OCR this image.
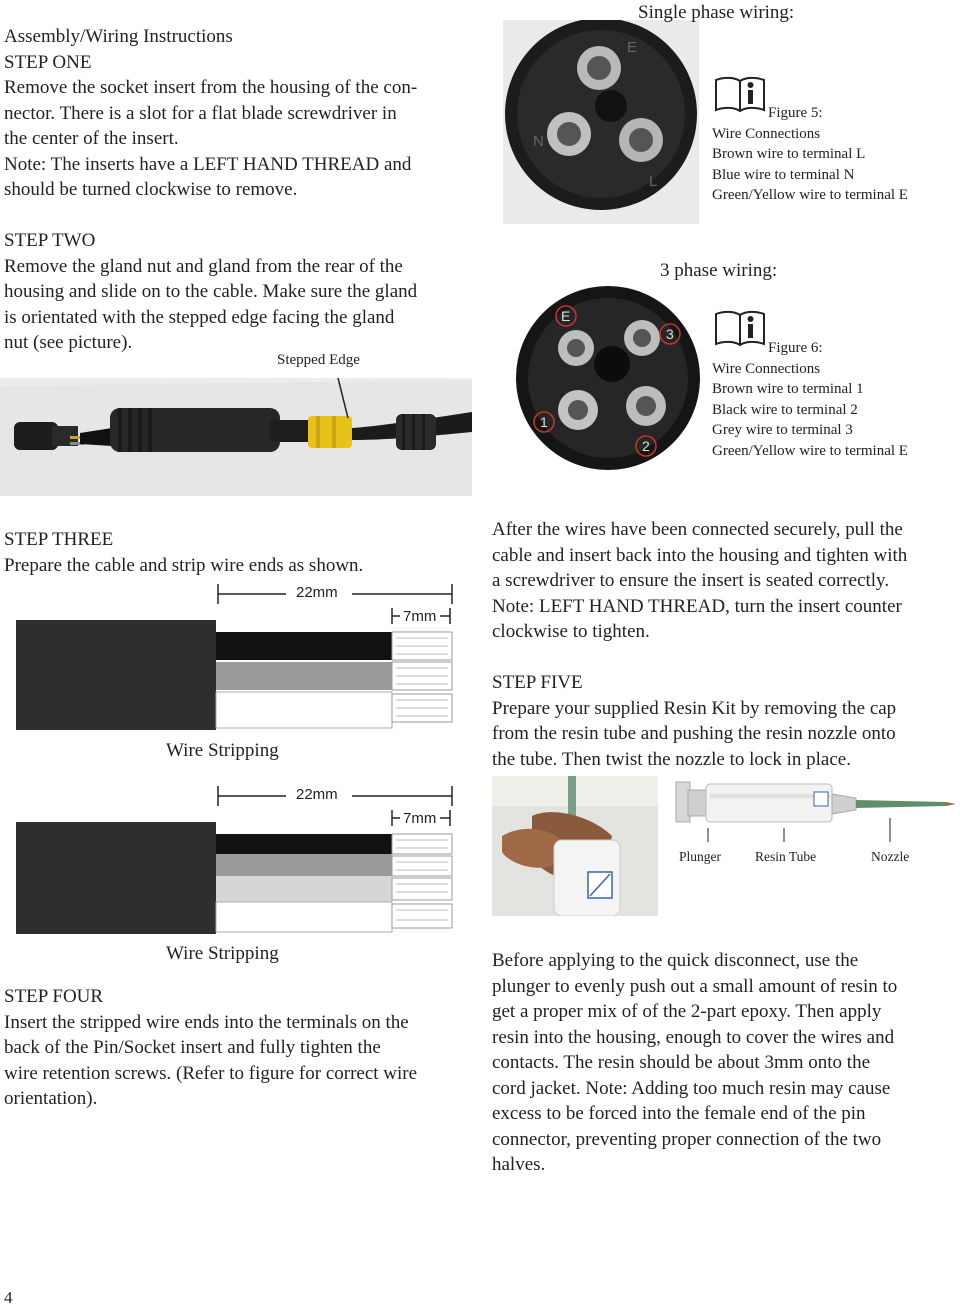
Assembly/Wiring Instructions

STEP ONE

Remove the socket insert from the housing of the con-

nector. There is a slot for a flat blade screwdriver in

the center of the insert.

Note: The inserts have a LEFT HAND THREAD and

should be turned clockwise to remove.

STEP TWO

Remove the gland nut and gland from the rear of the

housing and slide on to the cable. Make sure the gland

is orientated with the stepped edge facing the gland

nut (see picture).

Stepped Edge
E
N
L
Single phase wiring:
Figure 5:
Wire Connections
Brown wire to terminal L
Blue wire to terminal N
Green/Yellow wire to terminal E
3 phase wiring:
E
3
1
2
Figure 6:
Wire Connections
Brown wire to terminal 1
Black wire to terminal 2
Grey wire to terminal 3
Green/Yellow wire to terminal E

STEP THREE

Prepare the cable and strip wire ends as shown.

22mm
7mm
Wire Stripping
22mm
7mm
Wire Stripping

STEP FOUR

Insert the stripped wire ends into the terminals on the

back of the Pin/Socket insert and fully tighten the

wire retention screws. (Refer to figure for correct wire

orientation).

After the wires have been connected securely, pull the

cable and insert back into the housing and tighten with

a screwdriver to ensure the insert is seated correctly.

Note: LEFT HAND THREAD, turn the insert counter

clockwise to tighten.

STEP FIVE

Prepare your supplied Resin Kit by removing the cap

from the resin tube and pushing the resin nozzle onto

the tube. Then twist the nozzle to lock in place.

Plunger	Resin Tube	Nozzle

Before applying to the quick disconnect, use the

plunger to evenly push out a small amount of resin to

get a proper mix of of the 2-part epoxy. Then apply

resin into the housing, enough to cover the wires and

contacts. The resin should be about 3mm onto the

cord jacket. Note: Adding too much resin may cause

excess to be forced into the female end of the pin

connector, preventing proper connection of the two

halves.

4
